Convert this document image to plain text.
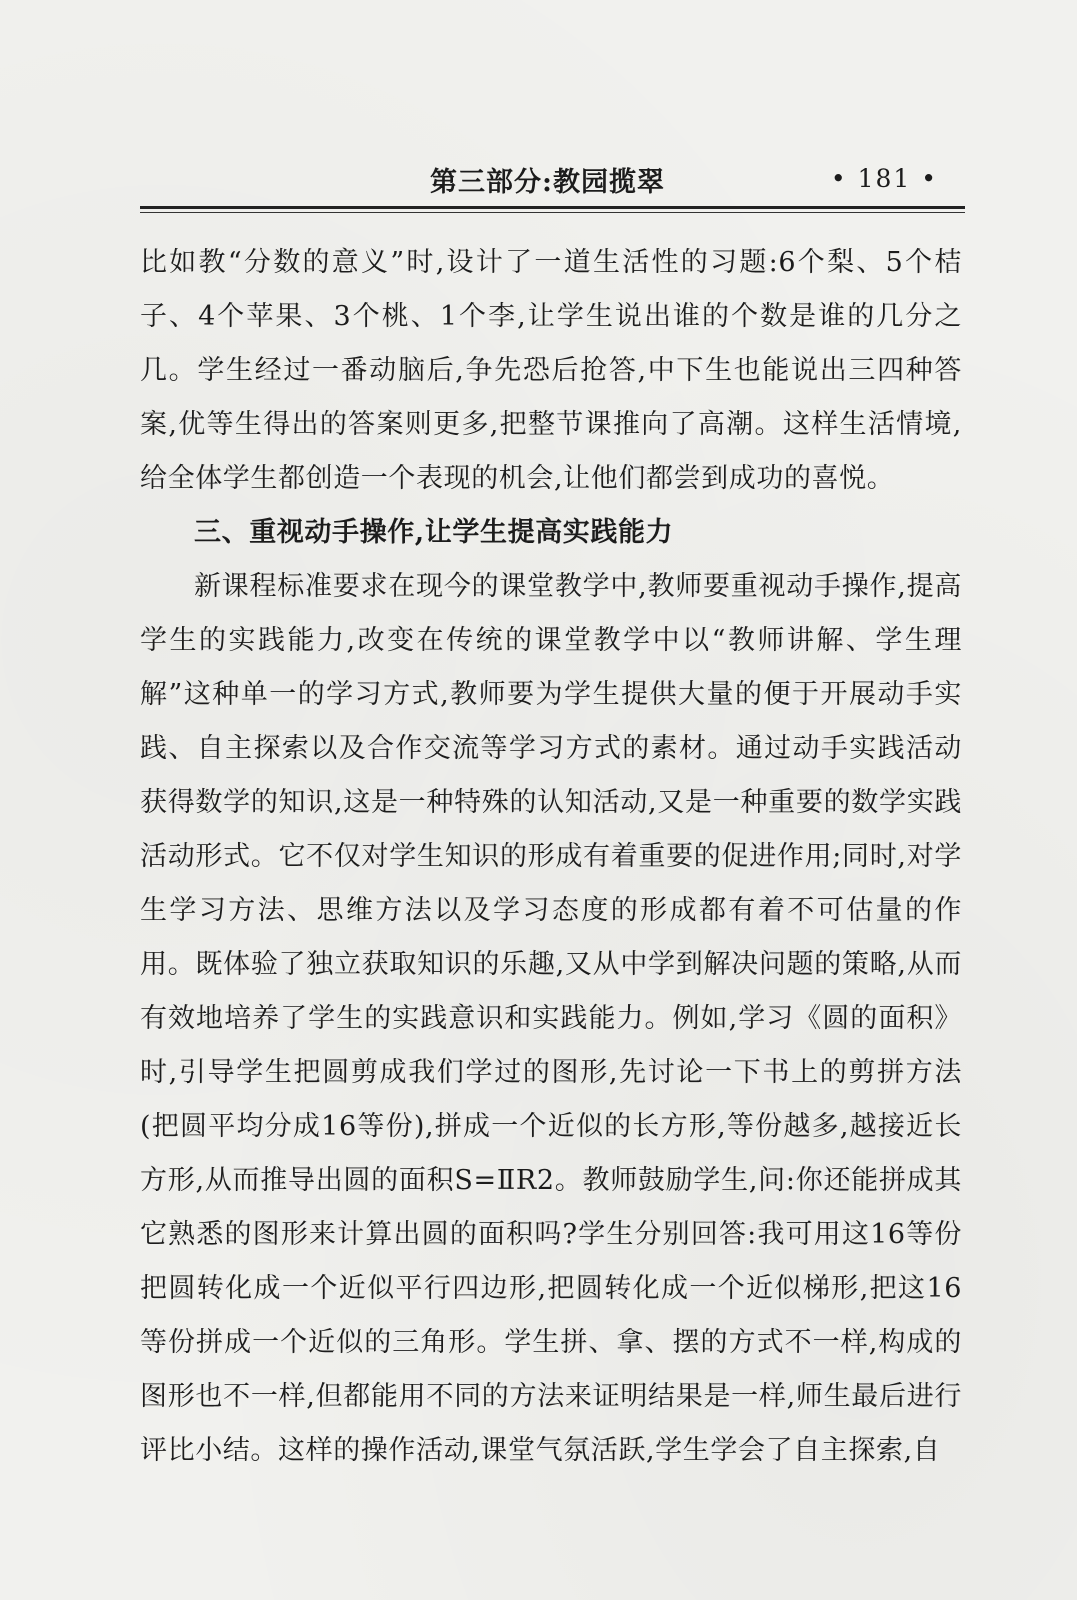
第三部分:教园揽翠	• 181 •

比如教“分数的意义”时,设计了一道生活性的习题:6个梨、5个桔子、4个苹果、3个桃、1个李,让学生说出谁的个数是谁的几分之几。学生经过一番动脑后,争先恐后抢答,中下生也能说出三四种答案,优等生得出的答案则更多,把整节课推向了高潮。这样生活情境,给全体学生都创造一个表现的机会,让他们都尝到成功的喜悦。

三、重视动手操作,让学生提高实践能力

新课程标准要求在现今的课堂教学中,教师要重视动手操作,提高学生的实践能力,改变在传统的课堂教学中以“教师讲解、学生理解”这种单一的学习方式,教师要为学生提供大量的便于开展动手实践、自主探索以及合作交流等学习方式的素材。通过动手实践活动获得数学的知识,这是一种特殊的认知活动,又是一种重要的数学实践活动形式。它不仅对学生知识的形成有着重要的促进作用;同时,对学生学习方法、思维方法以及学习态度的形成都有着不可估量的作用。既体验了独立获取知识的乐趣,又从中学到解决问题的策略,从而有效地培养了学生的实践意识和实践能力。例如,学习《圆的面积》时,引导学生把圆剪成我们学过的图形,先讨论一下书上的剪拼方法(把圆平均分成16等份),拼成一个近似的长方形,等份越多,越接近长方形,从而推导出圆的面积S=ⅡR2。教师鼓励学生,问:你还能拼成其它熟悉的图形来计算出圆的面积吗?学生分别回答:我可用这16等份把圆转化成一个近似平行四边形,把圆转化成一个近似梯形,把这16等份拼成一个近似的三角形。学生拼、拿、摆的方式不一样,构成的图形也不一样,但都能用不同的方法来证明结果是一样,师生最后进行评比小结。这样的操作活动,课堂气氛活跃,学生学会了自主探索,自
